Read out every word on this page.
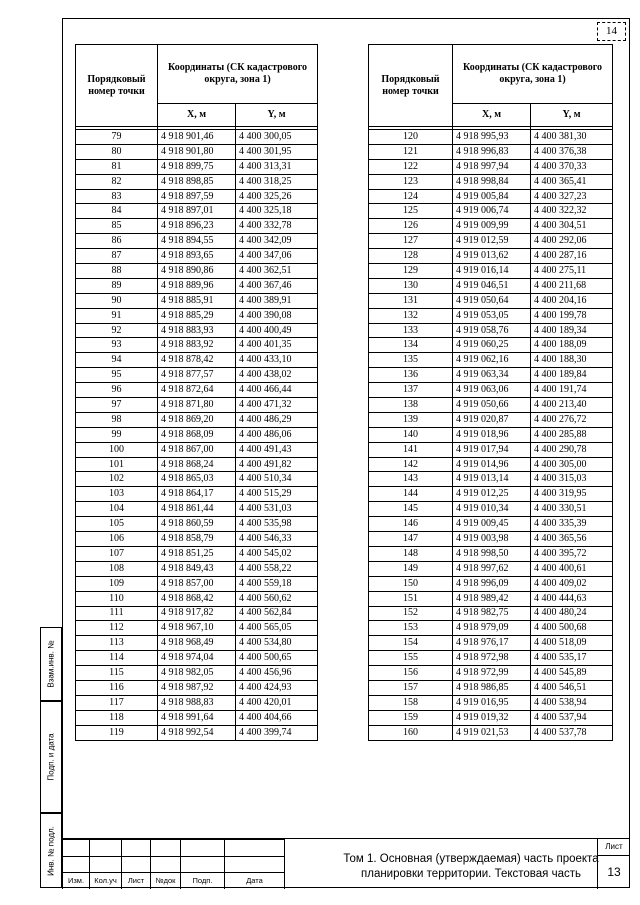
14
Порядковый номер точки	Координаты (СК кадастрового округа, зона 1)	
	X, м	Y, м

79	4 918 901,46	4 400 300,05
80	4 918 901,80	4 400 301,95
81	4 918 899,75	4 400 313,31
82	4 918 898,85	4 400 318,25
83	4 918 897,59	4 400 325,26
84	4 918 897,01	4 400 325,18
85	4 918 896,23	4 400 332,78
86	4 918 894,55	4 400 342,09
87	4 918 893,65	4 400 347,06
88	4 918 890,86	4 400 362,51
89	4 918 889,96	4 400 367,46
90	4 918 885,91	4 400 389,91
91	4 918 885,29	4 400 390,08
92	4 918 883,93	4 400 400,49
93	4 918 883,92	4 400 401,35
94	4 918 878,42	4 400 433,10
95	4 918 877,57	4 400 438,02
96	4 918 872,64	4 400 466,44
97	4 918 871,80	4 400 471,32
98	4 918 869,20	4 400 486,29
99	4 918 868,09	4 400 486,06
100	4 918 867,00	4 400 491,43
101	4 918 868,24	4 400 491,82
102	4 918 865,03	4 400 510,34
103	4 918 864,17	4 400 515,29
104	4 918 861,44	4 400 531,03
105	4 918 860,59	4 400 535,98
106	4 918 858,79	4 400 546,33
107	4 918 851,25	4 400 545,02
108	4 918 849,43	4 400 558,22
109	4 918 857,00	4 400 559,18
110	4 918 868,42	4 400 560,62
111	4 918 917,82	4 400 562,84
112	4 918 967,10	4 400 565,05
113	4 918 968,49	4 400 534,80
114	4 918 974,04	4 400 500,65
115	4 918 982,05	4 400 456,96
116	4 918 987,92	4 400 424,93
117	4 918 988,83	4 400 420,01
118	4 918 991,64	4 400 404,66
119	4 918 992,54	4 400 399,74
Порядковый номер точки	Координаты (СК кадастрового округа, зона 1)	
	X, м	Y, м

120	4 918 995,93	4 400 381,30
121	4 918 996,83	4 400 376,38
122	4 918 997,94	4 400 370,33
123	4 918 998,84	4 400 365,41
124	4 919 005,84	4 400 327,23
125	4 919 006,74	4 400 322,32
126	4 919 009,99	4 400 304,51
127	4 919 012,59	4 400 292,06
128	4 919 013,62	4 400 287,16
129	4 919 016,14	4 400 275,11
130	4 919 046,51	4 400 211,68
131	4 919 050,64	4 400 204,16
132	4 919 053,05	4 400 199,78
133	4 919 058,76	4 400 189,34
134	4 919 060,25	4 400 188,09
135	4 919 062,16	4 400 188,30
136	4 919 063,34	4 400 189,84
137	4 919 063,06	4 400 191,74
138	4 919 050,66	4 400 213,40
139	4 919 020,87	4 400 276,72
140	4 919 018,96	4 400 285,88
141	4 919 017,94	4 400 290,78
142	4 919 014,96	4 400 305,00
143	4 919 013,14	4 400 315,03
144	4 919 012,25	4 400 319,95
145	4 919 010,34	4 400 330,51
146	4 919 009,45	4 400 335,39
147	4 919 003,98	4 400 365,56
148	4 918 998,50	4 400 395,72
149	4 918 997,62	4 400 400,61
150	4 918 996,09	4 400 409,02
151	4 918 989,42	4 400 444,63
152	4 918 982,75	4 400 480,24
153	4 918 979,09	4 400 500,68
154	4 918 976,17	4 400 518,09
155	4 918 972,98	4 400 535,17
156	4 918 972,99	4 400 545,89
157	4 918 986,85	4 400 546,51
158	4 919 016,95	4 400 538,94
159	4 919 019,32	4 400 537,94
160	4 919 021,53	4 400 537,78
Взам.инв. №
Подп. и дата
Инв. № подл.

Изм.	Кол.уч	Лист	№док	Подп.	Дата
Том 1. Основная (утверждаемая) часть проекта
планировки территории. Текстовая часть
Лист
13
